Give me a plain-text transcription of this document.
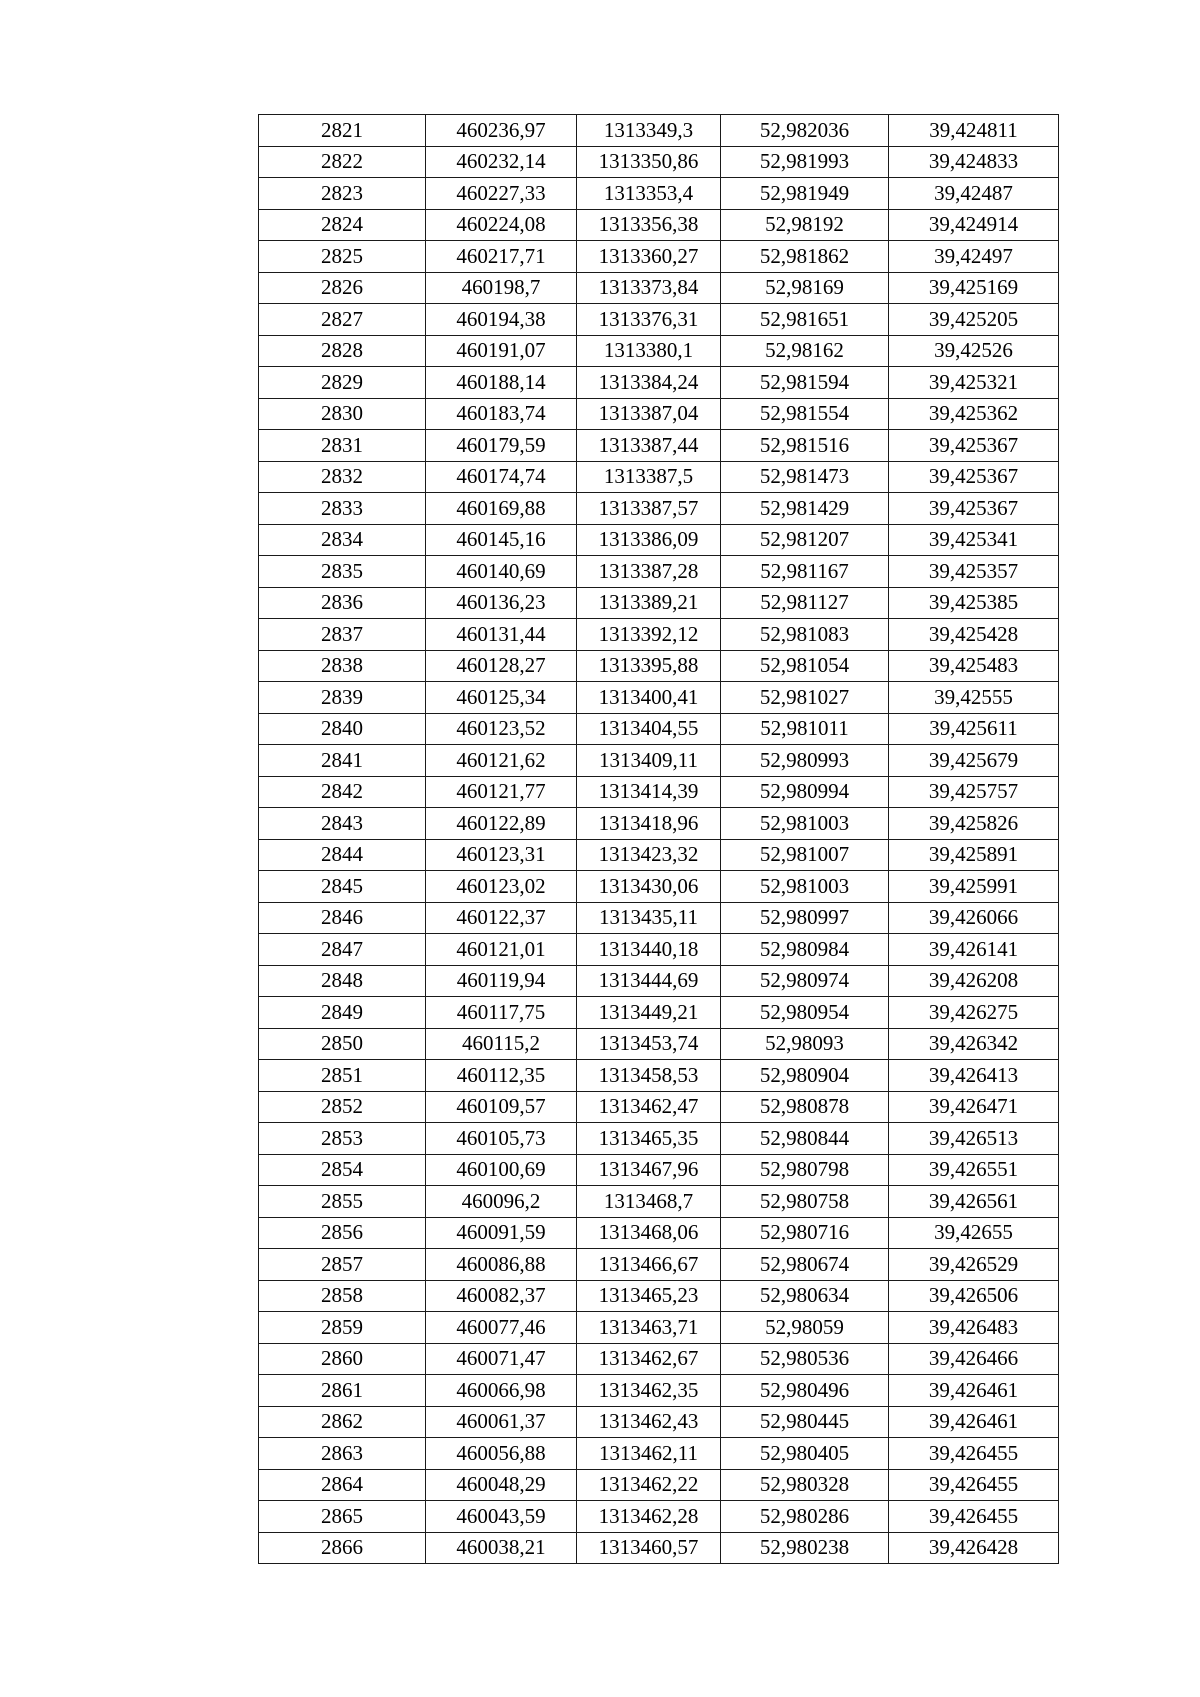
2821	460236,97	1313349,3	52,982036	39,424811
2822	460232,14	1313350,86	52,981993	39,424833
2823	460227,33	1313353,4	52,981949	39,42487
2824	460224,08	1313356,38	52,98192	39,424914
2825	460217,71	1313360,27	52,981862	39,42497
2826	460198,7	1313373,84	52,98169	39,425169
2827	460194,38	1313376,31	52,981651	39,425205
2828	460191,07	1313380,1	52,98162	39,42526
2829	460188,14	1313384,24	52,981594	39,425321
2830	460183,74	1313387,04	52,981554	39,425362
2831	460179,59	1313387,44	52,981516	39,425367
2832	460174,74	1313387,5	52,981473	39,425367
2833	460169,88	1313387,57	52,981429	39,425367
2834	460145,16	1313386,09	52,981207	39,425341
2835	460140,69	1313387,28	52,981167	39,425357
2836	460136,23	1313389,21	52,981127	39,425385
2837	460131,44	1313392,12	52,981083	39,425428
2838	460128,27	1313395,88	52,981054	39,425483
2839	460125,34	1313400,41	52,981027	39,42555
2840	460123,52	1313404,55	52,981011	39,425611
2841	460121,62	1313409,11	52,980993	39,425679
2842	460121,77	1313414,39	52,980994	39,425757
2843	460122,89	1313418,96	52,981003	39,425826
2844	460123,31	1313423,32	52,981007	39,425891
2845	460123,02	1313430,06	52,981003	39,425991
2846	460122,37	1313435,11	52,980997	39,426066
2847	460121,01	1313440,18	52,980984	39,426141
2848	460119,94	1313444,69	52,980974	39,426208
2849	460117,75	1313449,21	52,980954	39,426275
2850	460115,2	1313453,74	52,98093	39,426342
2851	460112,35	1313458,53	52,980904	39,426413
2852	460109,57	1313462,47	52,980878	39,426471
2853	460105,73	1313465,35	52,980844	39,426513
2854	460100,69	1313467,96	52,980798	39,426551
2855	460096,2	1313468,7	52,980758	39,426561
2856	460091,59	1313468,06	52,980716	39,42655
2857	460086,88	1313466,67	52,980674	39,426529
2858	460082,37	1313465,23	52,980634	39,426506
2859	460077,46	1313463,71	52,98059	39,426483
2860	460071,47	1313462,67	52,980536	39,426466
2861	460066,98	1313462,35	52,980496	39,426461
2862	460061,37	1313462,43	52,980445	39,426461
2863	460056,88	1313462,11	52,980405	39,426455
2864	460048,29	1313462,22	52,980328	39,426455
2865	460043,59	1313462,28	52,980286	39,426455
2866	460038,21	1313460,57	52,980238	39,426428
